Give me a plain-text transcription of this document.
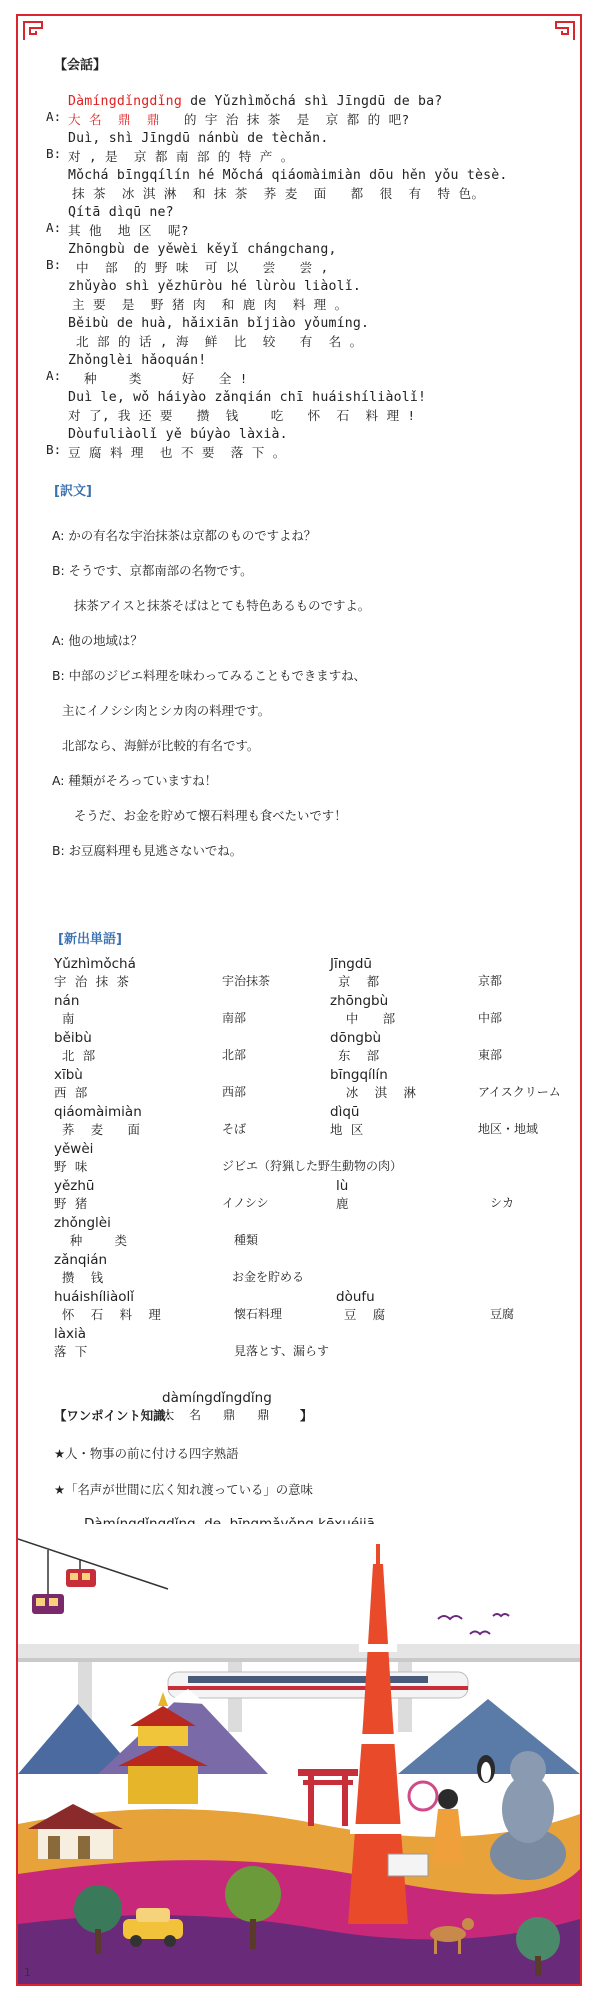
【会話】
Dàmíngdǐngdǐng de Yǔzhìmǒchá shì Jīngdū de ba?
A: 大 名  鼎  鼎   的 宇 治 抹 茶  是  京 都 的 吧?
Duì, shì Jīngdū nánbù de tèchǎn.
B: 对 , 是  京 都 南 部 的 特 产 。
Mǒchá bīngqílín hé Mǒchá qiáomàimiàn dōu hěn yǒu tèsè.
抹 茶  冰 淇 淋  和 抹 茶  荞 麦  面   都  很  有  特 色。
Qítā dìqū ne?
A: 其 他  地 区  呢?
Zhōngbù de yěwèi kěyǐ chángchang,
B: 中  部  的 野 味  可 以   尝   尝 ,
zhǔyào shì yězhūròu hé lùròu liàolǐ.
主 要  是  野 猪 肉  和 鹿 肉  料 理 。
Běibù de huà, hǎixiān bǐjiào yǒumíng.
北 部 的 话 , 海  鲜  比  较   有  名 。
Zhǒnglèi hǎoquán!
A: 种    类     好   全 !
Duì le, wǒ háiyào zǎnqián chī huáishíliàolǐ!
对 了, 我 还 要   攒  钱    吃   怀  石  料 理 !
Dòufuliàolǐ yě búyào làxià.
B: 豆 腐 料 理  也 不 要  落 下 。
[訳文]
A: かの有名な宇治抹茶は京都のものですよね？
B: そうです、京都南部の名物です。
抹茶アイスと抹茶そばはとても特色あるものですよ。
A: 他の地域は？
B: 中部のジビエ料理を味わってみることもできますね、
主にイノシシ肉とシカ肉の料理です。
北部なら、海鮮が比較的有名です。
A: 種類がそろっていますね！
そうだ、お金を貯めて懐石料理も食べたいです！
B: お豆腐料理も見逃さないでね。
[新出単語]
Yǔzhìmǒchá
宇 治 抹 茶	宇治抹茶
Jīngdū
京  都	京都
nán
南	南部
zhōngbù
中   部	中部
běibù
北 部	北部
dōngbù
东  部	東部
xībù
西 部	西部
bīngqílín
冰  淇  淋	アイスクリーム
qiáomàimiàn
荞  麦   面	そば
dìqū
地 区	地区・地域
yěwèi
野 味	ジビエ（狩猟した野生動物の肉）
yězhū
野 猪	イノシシ
lù
鹿	シカ
zhǒnglèi
种    类	種類
zǎnqián
攒  钱	お金を貯める
huáishíliàolǐ
怀  石  料  理	懐石料理
dòufu
豆  腐	豆腐
làxià
落 下	見落とす、漏らす
【ワンポイント知識：
dàmíngdǐngdǐng
大  名   鼎   鼎 】
★人・物事の前に付ける四字熟語
★「名声が世間に広く知れ渡っている」の意味
1
